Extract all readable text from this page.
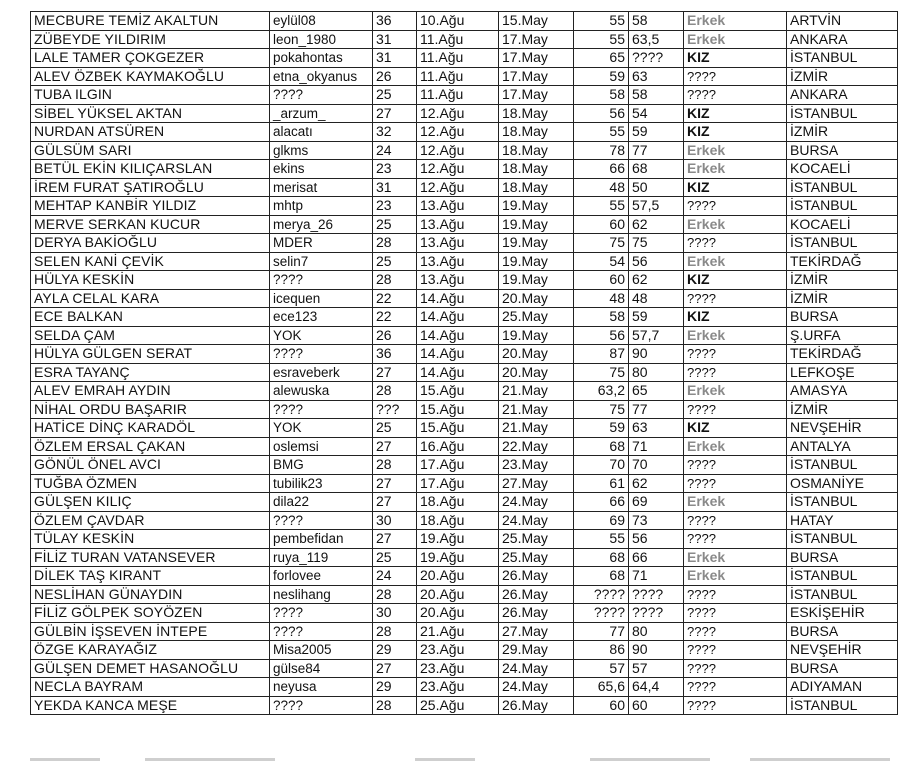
MECBURE TEMİZ AKALTUN	eylül08	36	10.Ağu	15.May	55	58	Erkek	ARTVİN
ZÜBEYDE YILDIRIM	leon_1980	31	11.Ağu	17.May	55	63,5	Erkek	ANKARA
LALE TAMER ÇOKGEZER	pokahontas	31	11.Ağu	17.May	65	????	KIZ	İSTANBUL
ALEV ÖZBEK KAYMAKOĞLU	etna_okyanus	26	11.Ağu	17.May	59	63	????	İZMİR
TUBA ILGIN	????	25	11.Ağu	17.May	58	58	????	ANKARA
SİBEL YÜKSEL AKTAN	_arzum_	27	12.Ağu	18.May	56	54	KIZ	İSTANBUL
NURDAN ATSÜREN	alacatı	32	12.Ağu	18.May	55	59	KIZ	İZMİR
GÜLSÜM SARI	glkms	24	12.Ağu	18.May	78	77	Erkek	BURSA
BETÜL EKİN KILIÇARSLAN	ekins	23	12.Ağu	18.May	66	68	Erkek	KOCAELİ
İREM FURAT ŞATIROĞLU	merisat	31	12.Ağu	18.May	48	50	KIZ	İSTANBUL
MEHTAP KANBİR YILDIZ	mhtp	23	13.Ağu	19.May	55	57,5	????	İSTANBUL
MERVE SERKAN KUCUR	merya_26	25	13.Ağu	19.May	60	62	Erkek	KOCAELİ
DERYA BAKİOĞLU	MDER	28	13.Ağu	19.May	75	75	????	İSTANBUL
SELEN KANİ ÇEVİK	selin7	25	13.Ağu	19.May	54	56	Erkek	TEKİRDAĞ
HÜLYA KESKİN	????	28	13.Ağu	19.May	60	62	KIZ	İZMİR
AYLA CELAL KARA	icequen	22	14.Ağu	20.May	48	48	????	İZMİR
ECE BALKAN	ece123	22	14.Ağu	25.May	58	59	KIZ	BURSA
SELDA ÇAM	YOK	26	14.Ağu	19.May	56	57,7	Erkek	Ş.URFA
HÜLYA GÜLGEN SERAT	????	36	14.Ağu	20.May	87	90	????	TEKİRDAĞ
ESRA TAYANÇ	esraveberk	27	14.Ağu	20.May	75	80	????	LEFKOŞE
ALEV EMRAH AYDIN	alewuska	28	15.Ağu	21.May	63,2	65	Erkek	AMASYA
NİHAL ORDU BAŞARIR	????	???	15.Ağu	21.May	75	77	????	İZMİR
HATİCE DİNÇ KARADÖL	YOK	25	15.Ağu	21.May	59	63	KIZ	NEVŞEHİR
ÖZLEM ERSAL ÇAKAN	oslemsi	27	16.Ağu	22.May	68	71	Erkek	ANTALYA
GÖNÜL ÖNEL AVCI	BMG	28	17.Ağu	23.May	70	70	????	İSTANBUL
TUĞBA ÖZMEN	tubilik23	27	17.Ağu	27.May	61	62	????	OSMANİYE
GÜLŞEN KILIÇ	dila22	27	18.Ağu	24.May	66	69	Erkek	İSTANBUL
ÖZLEM ÇAVDAR	????	30	18.Ağu	24.May	69	73	????	HATAY
TÜLAY KESKİN	pembefidan	27	19.Ağu	25.May	55	56	????	İSTANBUL
FİLİZ TURAN VATANSEVER	ruya_119	25	19.Ağu	25.May	68	66	Erkek	BURSA
DİLEK TAŞ KIRANT	forlovee	24	20.Ağu	26.May	68	71	Erkek	İSTANBUL
NESLİHAN GÜNAYDIN	neslihang	28	20.Ağu	26.May	????	????	????	İSTANBUL
FİLİZ GÖLPEK SOYÖZEN	????	30	20.Ağu	26.May	????	????	????	ESKİŞEHİR
GÜLBİN İŞSEVEN İNTEPE	????	28	21.Ağu	27.May	77	80	????	BURSA
ÖZGE KARAYAĞIZ	Misa2005	29	23.Ağu	29.May	86	90	????	NEVŞEHİR
GÜLŞEN DEMET HASANOĞLU	gülse84	27	23.Ağu	24.May	57	57	????	BURSA
NECLA BAYRAM	neyusa	29	23.Ağu	24.May	65,6	64,4	????	ADIYAMAN
YEKDA KANCA MEŞE	????	28	25.Ağu	26.May	60	60	????	İSTANBUL
